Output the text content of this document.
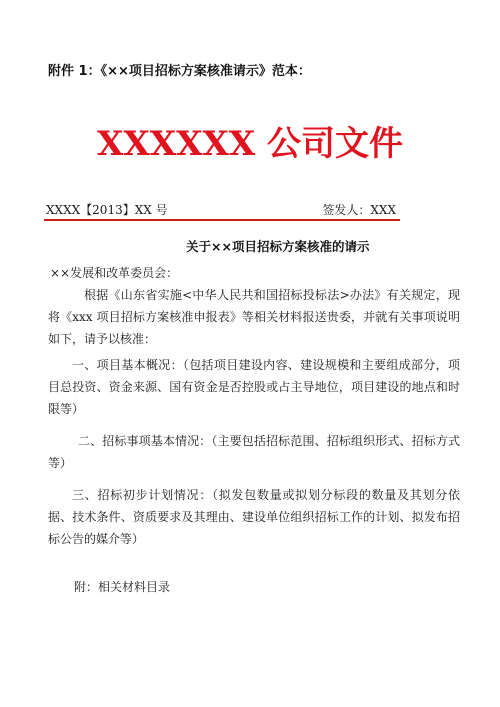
附件 1：《××项目招标方案核准请示》范本：
XXXXXX 公司文件
XXXX【2013】XX 号	签发人：XXX
关于××项目招标方案核准的请示
××发展和改革委员会：
根据《山东省实施<中华人民共和国招标投标法>办法》有关规定，现将《xxx 项目招标方案核准申报表》等相关材料报送贵委，并就有关事项说明如下，请予以核准：
一、项目基本概况：（包括项目建设内容、建设规模和主要组成部分，项目总投资、资金来源、国有资金是否控股或占主导地位，项目建设的地点和时限等）
二、招标事项基本情况：（主要包括招标范围、招标组织形式、招标方式等）
三、招标初步计划情况：（拟发包数量或拟划分标段的数量及其划分依据、技术条件、资质要求及其理由、建设单位组织招标工作的计划、拟发布招标公告的媒介等）
附：相关材料目录
